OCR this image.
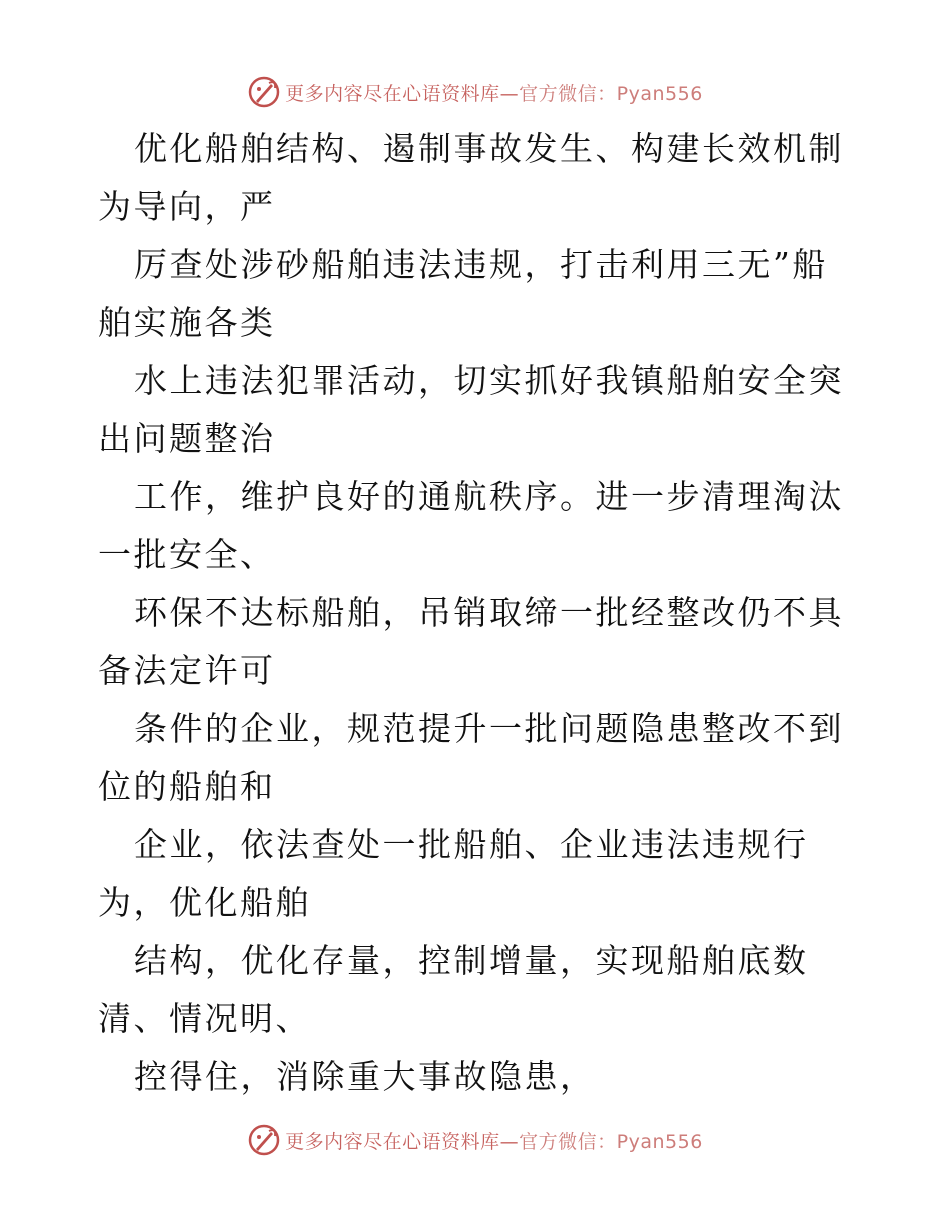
更多内容尽在心语资料库—官方微信：Pyan556

优化船舶结构、遏制事故发生、构建长效机制为导向，严

厉查处涉砂船舶违法违规，打击利用三无”船舶实施各类

水上违法犯罪活动，切实抓好我镇船舶安全突出问题整治

工作，维护良好的通航秩序。进一步清理淘汰一批安全、

环保不达标船舶，吊销取缔一批经整改仍不具备法定许可

条件的企业，规范提升一批问题隐患整改不到位的船舶和

企业，依法查处一批船舶、企业违法违规行为，优化船舶

结构，优化存量，控制增量，实现船舶底数清、情况明、

控得住，消除重大事故隐患，

更多内容尽在心语资料库—官方微信：Pyan556
